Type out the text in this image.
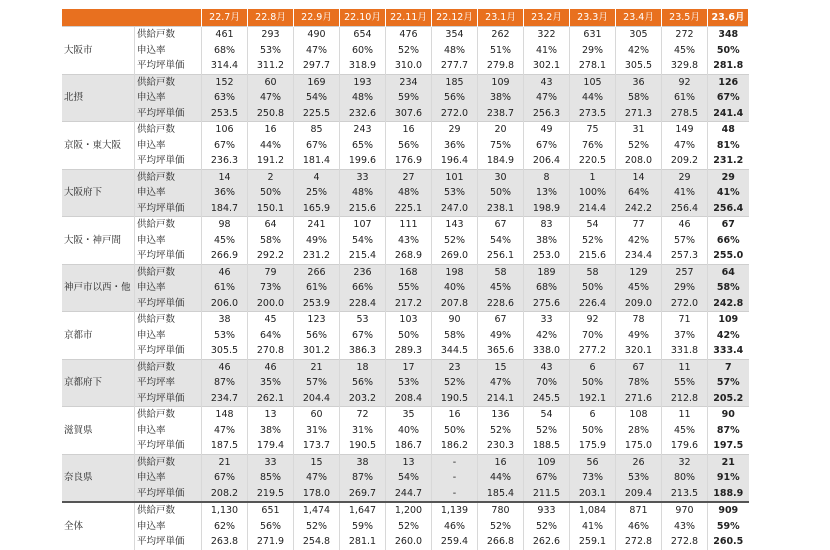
		22.7月	22.8月	22.9月	22.10月	22.11月	22.12月	23.1月	23.2月	23.3月	23.4月	23.5月	23.6月
大阪市	供給戸数	461	293	490	654	476	354	262	322	631	305	272	348
	申込率	68%	53%	47%	60%	52%	48%	51%	41%	29%	42%	45%	50%
	平均坪単価	314.4	311.2	297.7	318.9	310.0	277.7	279.8	302.1	278.1	305.5	329.8	281.8
北摂	供給戸数	152	60	169	193	234	185	109	43	105	36	92	126
	申込率	63%	47%	54%	48%	59%	56%	38%	47%	44%	58%	61%	67%
	平均坪単価	253.5	250.8	225.5	232.6	307.6	272.0	238.7	256.3	273.5	271.3	278.5	241.4
京阪・東大阪	供給戸数	106	16	85	243	16	29	20	49	75	31	149	48
	申込率	67%	44%	67%	65%	56%	36%	75%	67%	76%	52%	47%	81%
	平均坪単価	236.3	191.2	181.4	199.6	176.9	196.4	184.9	206.4	220.5	208.0	209.2	231.2
大阪府下	供給戸数	14	2	4	33	27	101	30	8	1	14	29	29
	申込率	36%	50%	25%	48%	48%	53%	50%	13%	100%	64%	41%	41%
	平均坪単価	184.7	150.1	165.9	215.6	225.1	247.0	238.1	198.9	214.4	242.2	256.4	256.4
大阪・神戸間	供給戸数	98	64	241	107	111	143	67	83	54	77	46	67
	申込率	45%	58%	49%	54%	43%	52%	54%	38%	52%	42%	57%	66%
	平均坪単価	266.9	292.2	231.2	215.4	268.9	269.0	256.1	253.0	215.6	234.4	257.3	255.0
神戸市以西・他	供給戸数	46	79	266	236	168	198	58	189	58	129	257	64
	申込率	61%	73%	61%	66%	55%	40%	45%	68%	50%	45%	29%	58%
	平均坪単価	206.0	200.0	253.9	228.4	217.2	207.8	228.6	275.6	226.4	209.0	272.0	242.8
京都市	供給戸数	38	45	123	53	103	90	67	33	92	78	71	109
	申込率	53%	64%	56%	67%	50%	58%	49%	42%	70%	49%	37%	42%
	平均坪単価	305.5	270.8	301.2	386.3	289.3	344.5	365.6	338.0	277.2	320.1	331.8	333.4
京都府下	供給戸数	46	46	21	18	17	23	15	43	6	67	11	7
	平均坪率	87%	35%	57%	56%	53%	52%	47%	70%	50%	78%	55%	57%
	平均坪単価	234.7	262.1	204.4	203.2	208.4	190.5	214.1	245.5	192.1	271.6	212.8	205.2
滋賀県	供給戸数	148	13	60	72	35	16	136	54	6	108	11	90
	申込率	47%	38%	31%	31%	40%	50%	52%	52%	50%	28%	45%	87%
	平均坪単価	187.5	179.4	173.7	190.5	186.7	186.2	230.3	188.5	175.9	175.0	179.6	197.5
奈良県	供給戸数	21	33	15	38	13	-	16	109	56	26	32	21
	申込率	67%	85%	47%	87%	54%	-	44%	67%	73%	53%	80%	91%
	平均坪単価	208.2	219.5	178.0	269.7	244.7	-	185.4	211.5	203.1	209.4	213.5	188.9
全体	供給戸数	1,130	651	1,474	1,647	1,200	1,139	780	933	1,084	871	970	909
	申込率	62%	56%	52%	59%	52%	46%	52%	52%	41%	46%	43%	59%
	平均坪単価	263.8	271.9	254.8	281.1	260.0	259.4	266.8	262.6	259.1	272.8	272.8	260.5
